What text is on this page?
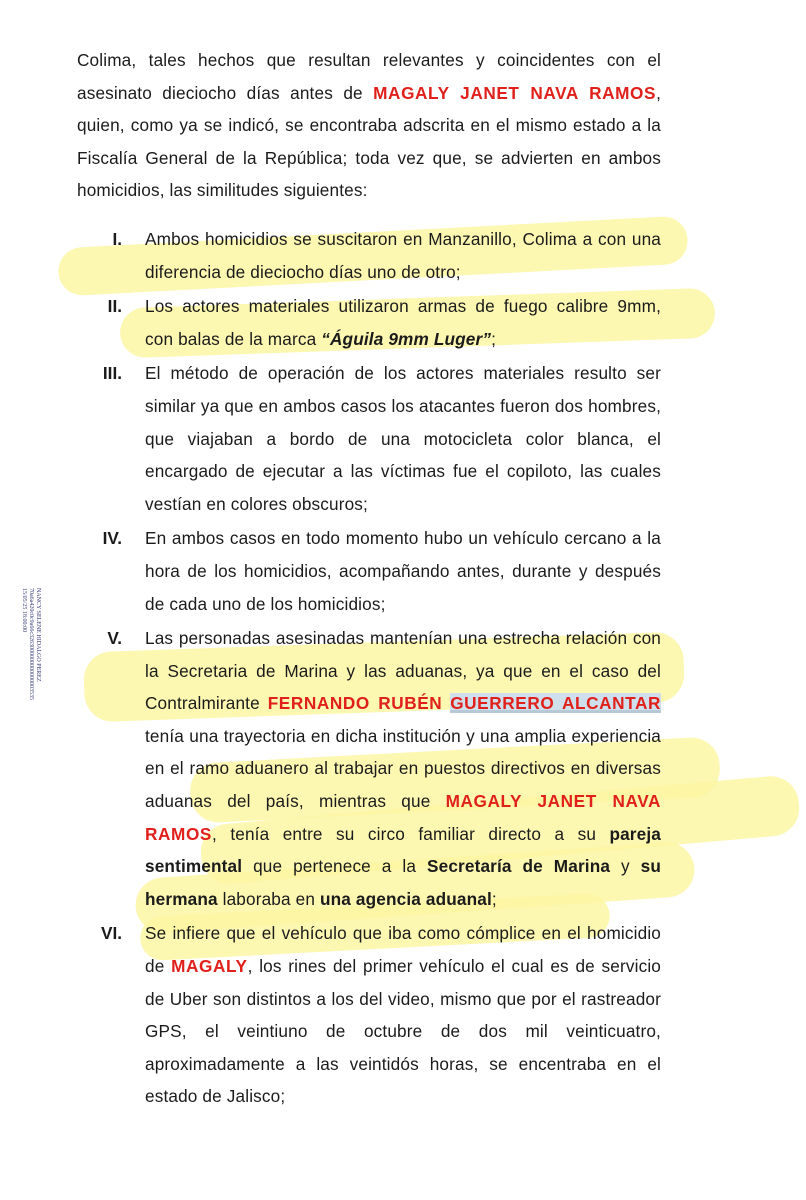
NANCY SELENE HIDALGO PEREZ
70a6a420c0c9a66c3263000000000000003535
15/05/25 18:00:00

Colima, tales hechos que resultan relevantes y coincidentes con el asesinato dieciocho días antes de MAGALY JANET NAVA RAMOS, quien, como ya se indicó, se encontraba adscrita en el mismo estado a la Fiscalía General de la República; toda vez que, se advierten en ambos homicidios, las similitudes siguientes:

I. Ambos homicidios se suscitaron en Manzanillo, Colima a con una diferencia de dieciocho días uno de otro;
II. Los actores materiales utilizaron armas de fuego calibre 9mm, con balas de la marca “Águila 9mm Luger”;
III. El método de operación de los actores materiales resulto ser similar ya que en ambos casos los atacantes fueron dos hombres, que viajaban a bordo de una motocicleta color blanca, el encargado de ejecutar a las víctimas fue el copiloto, las cuales vestían en colores obscuros;
IV. En ambos casos en todo momento hubo un vehículo cercano a la hora de los homicidios, acompañando antes, durante y después de cada uno de los homicidios;
V. Las personadas asesinadas mantenían una estrecha relación con la Secretaria de Marina y las aduanas, ya que en el caso del Contralmirante FERNANDO RUBÉN GUERRERO ALCANTAR tenía una trayectoria en dicha institución y una amplia experiencia en el ramo aduanero al trabajar en puestos directivos en diversas aduanas del país, mientras que MAGALY JANET NAVA RAMOS, tenía entre su circo familiar directo a su pareja sentimental que pertenece a la Secretaría de Marina y su hermana laboraba en una agencia aduanal;
VI. Se infiere que el vehículo que iba como cómplice en el homicidio de MAGALY, los rines del primer vehículo el cual es de servicio de Uber son distintos a los del video, mismo que por el rastreador GPS, el veintiuno de octubre de dos mil veinticuatro, aproximadamente a las veintidós horas, se encentraba en el estado de Jalisco;
